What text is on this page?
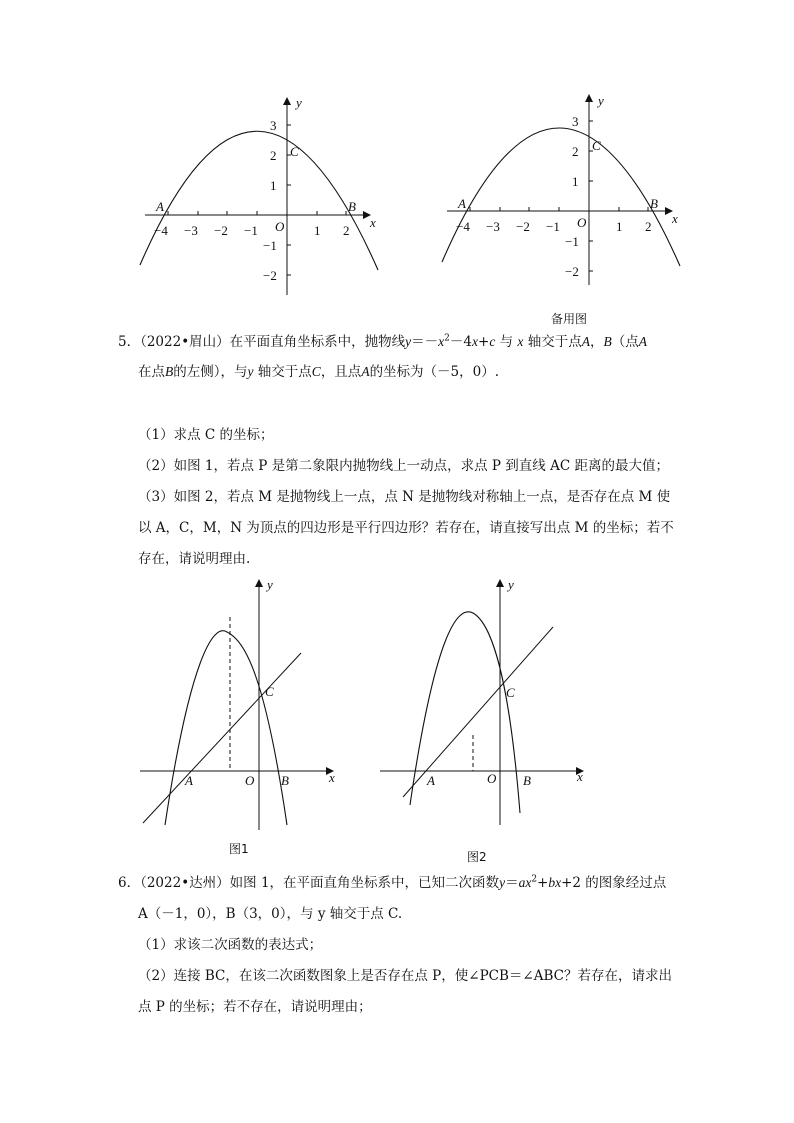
y
x
A	B
C
O
−4 −3 −2 −1	1 2
3
2
1
−1
−2
y
x
A	B
C
O
−4 −3 −2 −1	1 2
3
2
1
−1
−2
备用图
5．（2022•眉山）在平面直角坐标系中，抛物线$y=-x^2-4x+c$ 与 x 轴交于点A，B（点A
在点B的左侧），与y 轴交于点C，且点A的坐标为（－5，0）.
（1）求点 C 的坐标；
（2）如图 1，若点 P 是第二象限内抛物线上一动点，求点 P 到直线 AC 距离的最大值；
（3）如图 2，若点 M 是抛物线上一点，点 N 是抛物线对称轴上一点，是否存在点 M 使
以 A，C，M，N 为顶点的四边形是平行四边形？若存在，请直接写出点 M 的坐标；若不
存在，请说明理由.
y
x
A	B
C
O
图1
y
x
A	B
C
O
图2
6．（2022•达州）如图 1，在平面直角坐标系中，已知二次函数$y=ax^2+bx+2$ 的图象经过点
A（－1，0），B（3，0），与 y 轴交于点 C.
（1）求该二次函数的表达式；
（2）连接 BC，在该二次函数图象上是否存在点 P，使∠PCB＝∠ABC？若存在，请求出
点 P 的坐标；若不存在，请说明理由；
